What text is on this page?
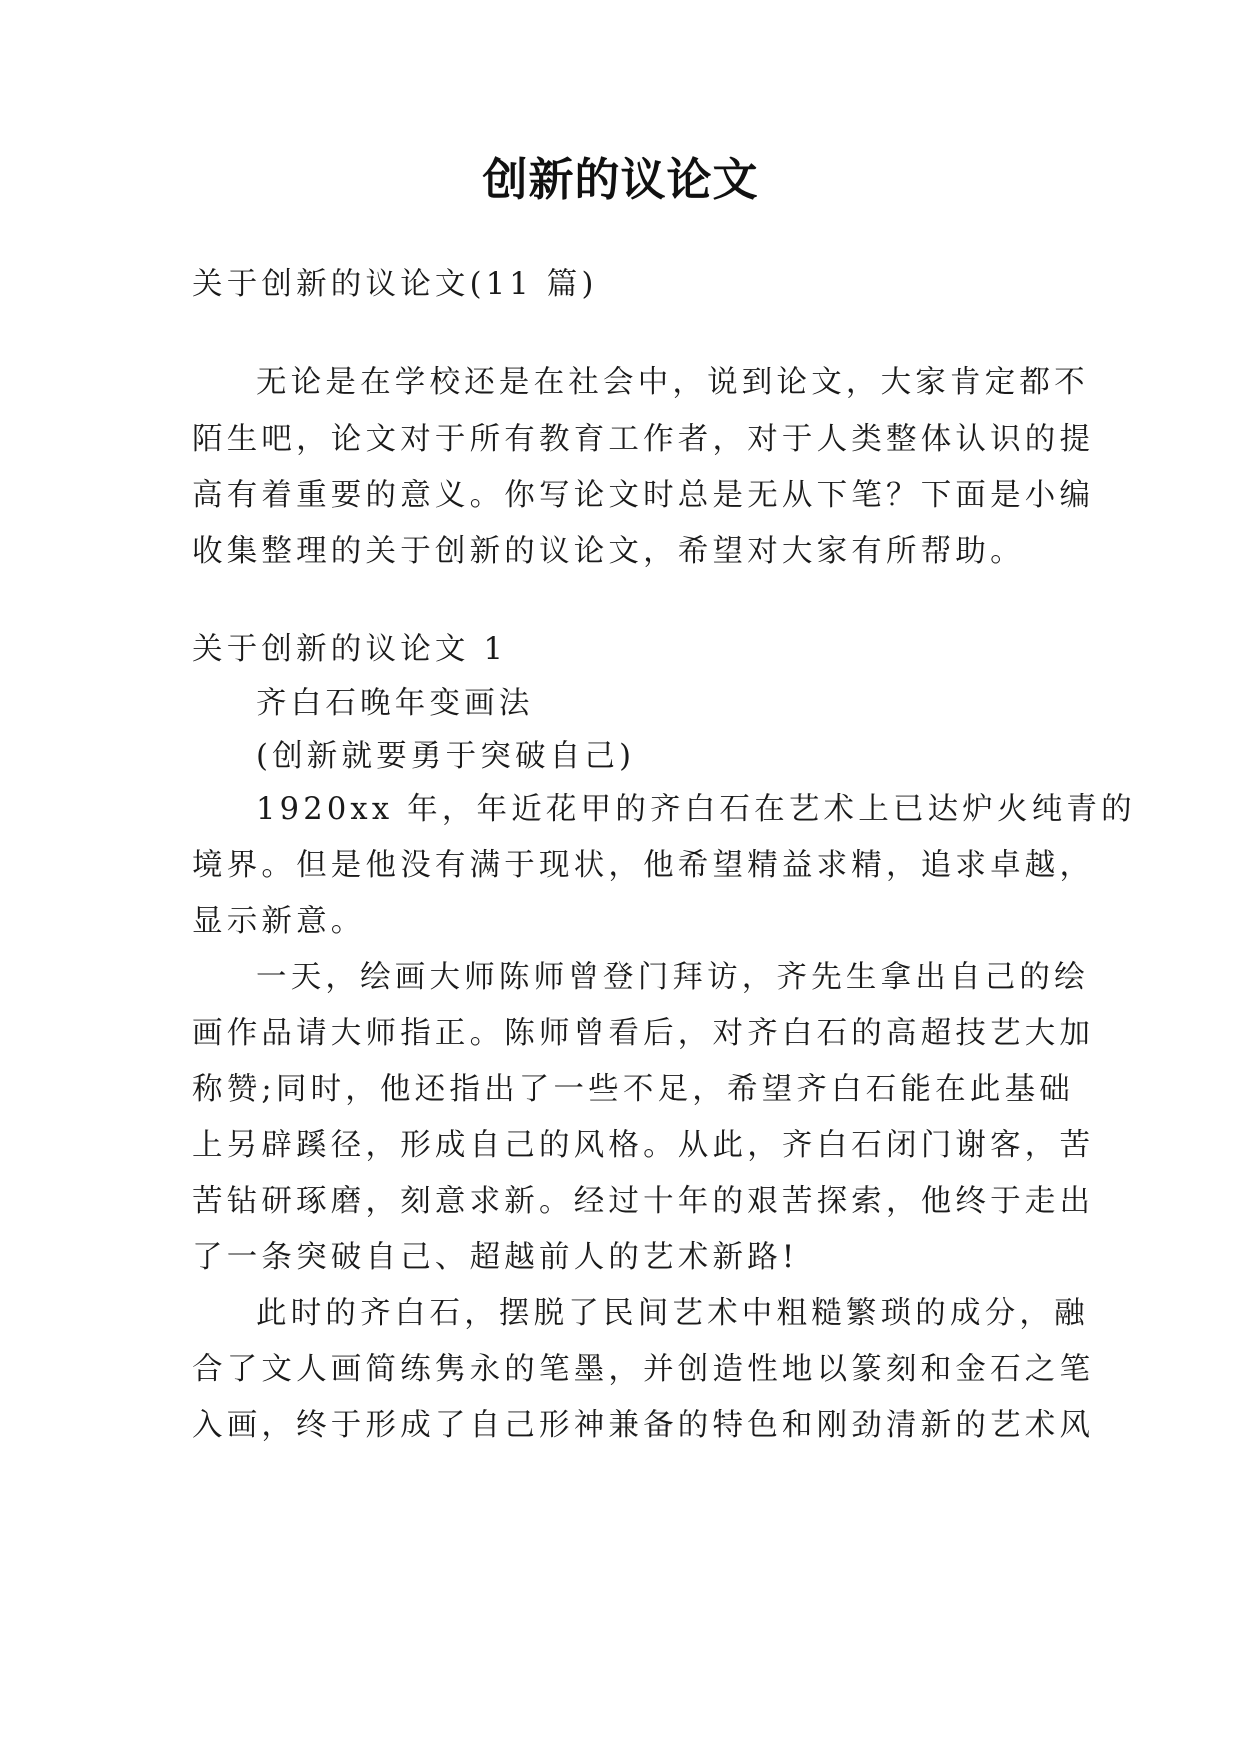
创新的议论文
关于创新的议论文(11 篇)
无论是在学校还是在社会中，说到论文，大家肯定都不
陌生吧，论文对于所有教育工作者，对于人类整体认识的提
高有着重要的意义。你写论文时总是无从下笔？下面是小编
收集整理的关于创新的议论文，希望对大家有所帮助。
关于创新的议论文 1
齐白石晚年变画法
(创新就要勇于突破自己)
1920xx 年，年近花甲的齐白石在艺术上已达炉火纯青的
境界。但是他没有满于现状，他希望精益求精，追求卓越，
显示新意。
一天，绘画大师陈师曾登门拜访，齐先生拿出自己的绘
画作品请大师指正。陈师曾看后，对齐白石的高超技艺大加
称赞;同时，他还指出了一些不足，希望齐白石能在此基础
上另辟蹊径，形成自己的风格。从此，齐白石闭门谢客，苦
苦钻研琢磨，刻意求新。经过十年的艰苦探索，他终于走出
了一条突破自己、超越前人的艺术新路!
此时的齐白石，摆脱了民间艺术中粗糙繁琐的成分，融
合了文人画简练隽永的笔墨，并创造性地以篆刻和金石之笔
入画，终于形成了自己形神兼备的特色和刚劲清新的艺术风
